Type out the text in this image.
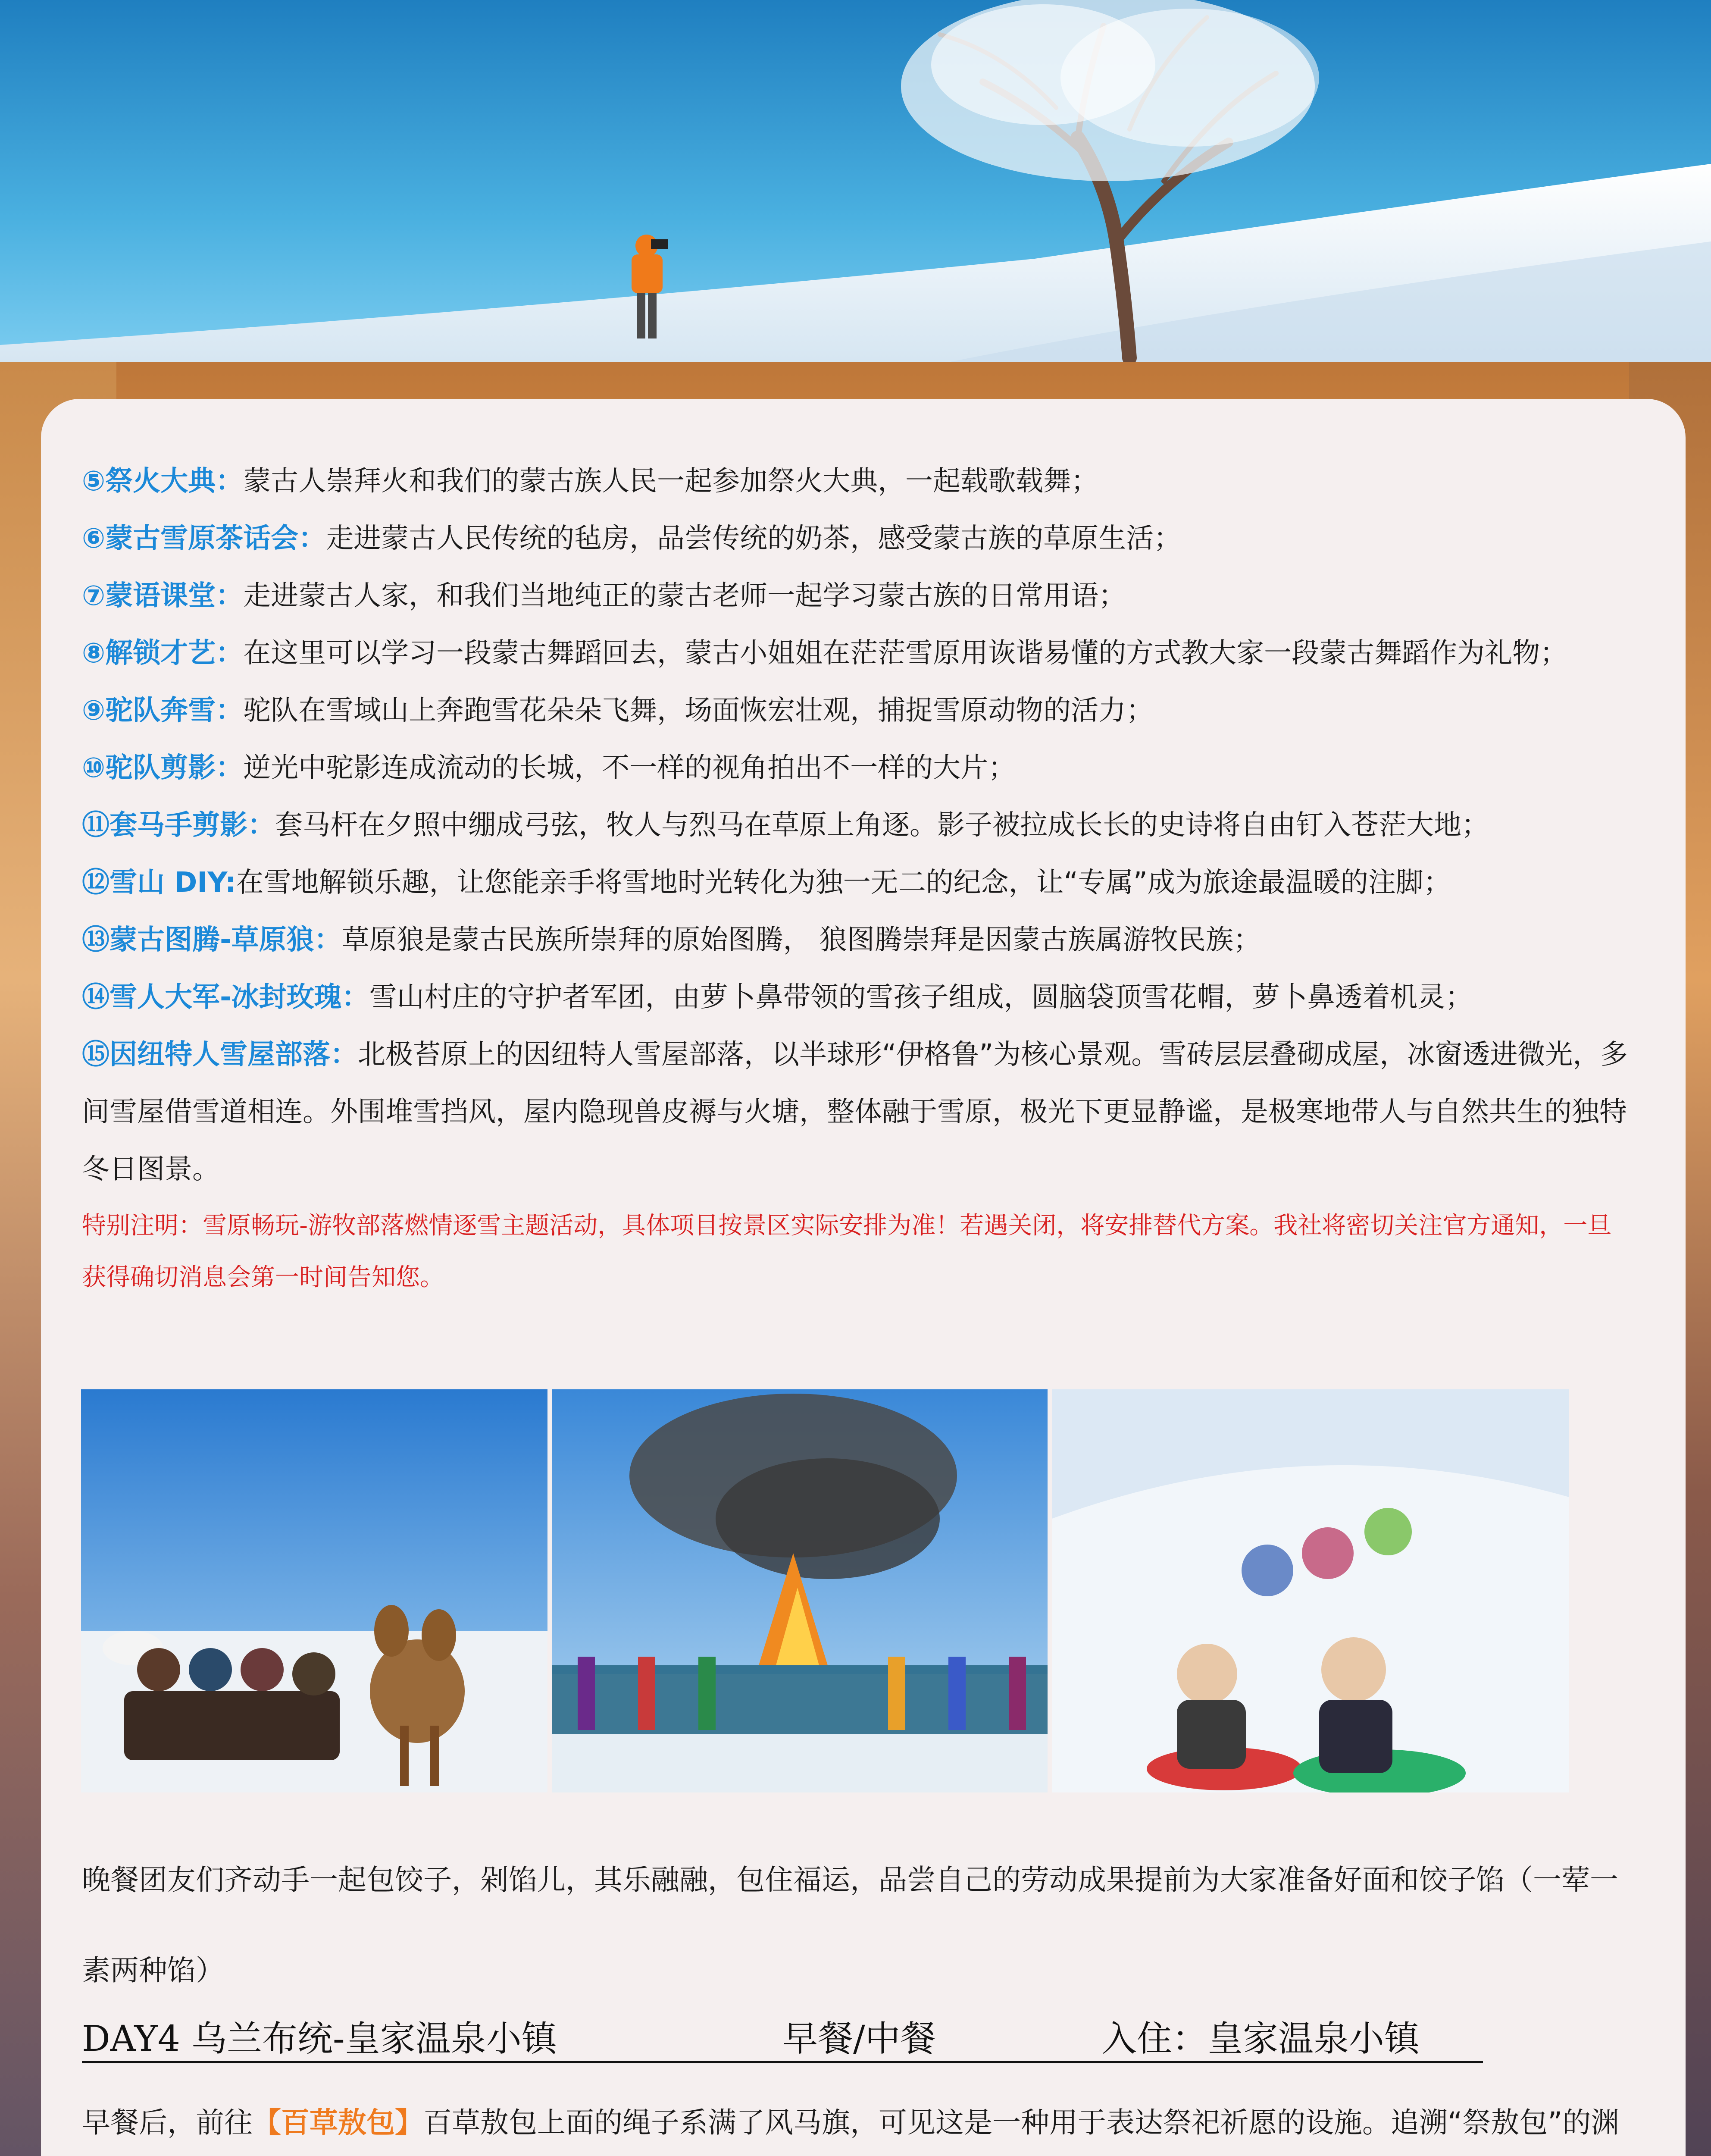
⑤祭火大典：蒙古人崇拜火和我们的蒙古族人民一起参加祭火大典，一起载歌载舞；
⑥蒙古雪原茶话会：走进蒙古人民传统的毡房，品尝传统的奶茶，感受蒙古族的草原生活；
⑦蒙语课堂：走进蒙古人家，和我们当地纯正的蒙古老师一起学习蒙古族的日常用语；
⑧解锁才艺：在这里可以学习一段蒙古舞蹈回去，蒙古小姐姐在茫茫雪原用诙谐易懂的方式教大家一段蒙古舞蹈作为礼物；
⑨驼队奔雪：驼队在雪域山上奔跑雪花朵朵飞舞，场面恢宏壮观，捕捉雪原动物的活力；
⑩驼队剪影：逆光中驼影连成流动的长城，不一样的视角拍出不一样的大片；
⑪套马手剪影：套马杆在夕照中绷成弓弦，牧人与烈马在草原上角逐。影子被拉成长长的史诗将自由钉入苍茫大地；
⑫雪山 DIY:在雪地解锁乐趣，让您能亲手将雪地时光转化为独一无二的纪念，让“专属”成为旅途最温暖的注脚；
⑬蒙古图腾-草原狼：草原狼是蒙古民族所崇拜的原始图腾， 狼图腾崇拜是因蒙古族属游牧民族；
⑭雪人大军-冰封玫瑰：雪山村庄的守护者军团，由萝卜鼻带领的雪孩子组成，圆脑袋顶雪花帽，萝卜鼻透着机灵；
⑮因纽特人雪屋部落：北极苔原上的因纽特人雪屋部落，以半球形“伊格鲁”为核心景观。雪砖层层叠砌成屋，冰窗透进微光，多间雪屋借雪道相连。外围堆雪挡风，屋内隐现兽皮褥与火塘，整体融于雪原，极光下更显静谧，是极寒地带人与自然共生的独特冬日图景。
特别注明：雪原畅玩-游牧部落燃情逐雪主题活动，具体项目按景区实际安排为准！若遇关闭，将安排替代方案。我社将密切关注官方通知，一旦获得确切消息会第一时间告知您。
晚餐团友们齐动手一起包饺子，剁馅儿，其乐融融，包住福运，品尝自己的劳动成果提前为大家准备好面和饺子馅（一荤一素两种馅）
DAY4 乌兰布统-皇家温泉小镇	早餐/中餐	入住：皇家温泉小镇
早餐后，前往【百草敖包】百草敖包上面的绳子系满了风马旗，可见这是一种用于表达祭祀祈愿的设施。追溯“祭敖包”的渊
